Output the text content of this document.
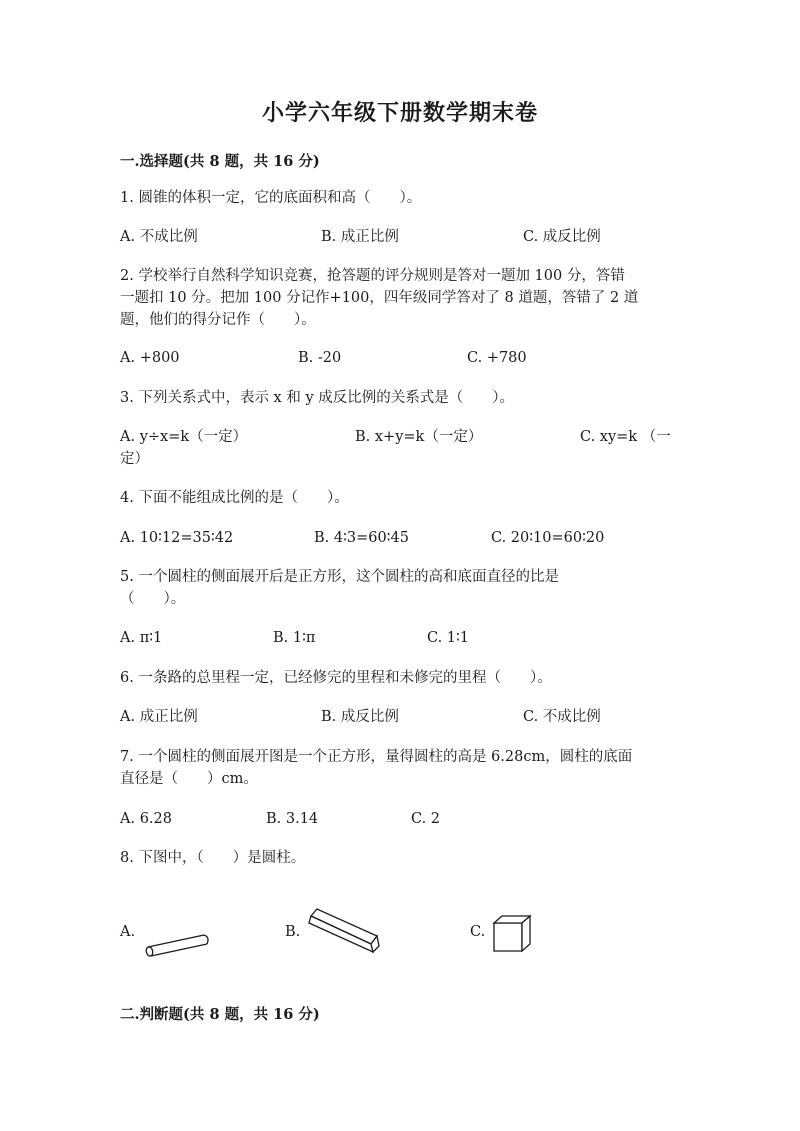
小学六年级下册数学期末卷
一.选择题(共 8 题，共 16 分)
1. 圆锥的体积一定，它的底面积和高（　　）。
A. 不成比例	B. 成正比例	C. 成反比例
2. 学校举行自然科学知识竞赛，抢答题的评分规则是答对一题加 100 分，答错
一题扣 10 分。把加 100 分记作+100，四年级同学答对了 8 道题，答错了 2 道
题，他们的得分记作（　　）。
A. +800	B. -20	C. +780
3. 下列关系式中，表示 x 和 y 成反比例的关系式是（　　）。
A. y÷x=k（一定）	B. x+y=k（一定）	C. xy=k （一
定）
4. 下面不能组成比例的是（　　）。
A. 10∶12=35∶42	B. 4∶3=60∶45	C. 20∶10=60∶20
5. 一个圆柱的侧面展开后是正方形，这个圆柱的高和底面直径的比是
（　　）。
A. π∶1	B. 1∶π	C. 1∶1
6. 一条路的总里程一定，已经修完的里程和未修完的里程（　　）。
A. 成正比例	B. 成反比例	C. 不成比例
7. 一个圆柱的侧面展开图是一个正方形，量得圆柱的高是 6.28cm，圆柱的底面
直径是（　　）cm。
A. 6.28	B. 3.14	C. 2
8. 下图中，（　　）是圆柱。
A.	B.	C.
二.判断题(共 8 题，共 16 分)
